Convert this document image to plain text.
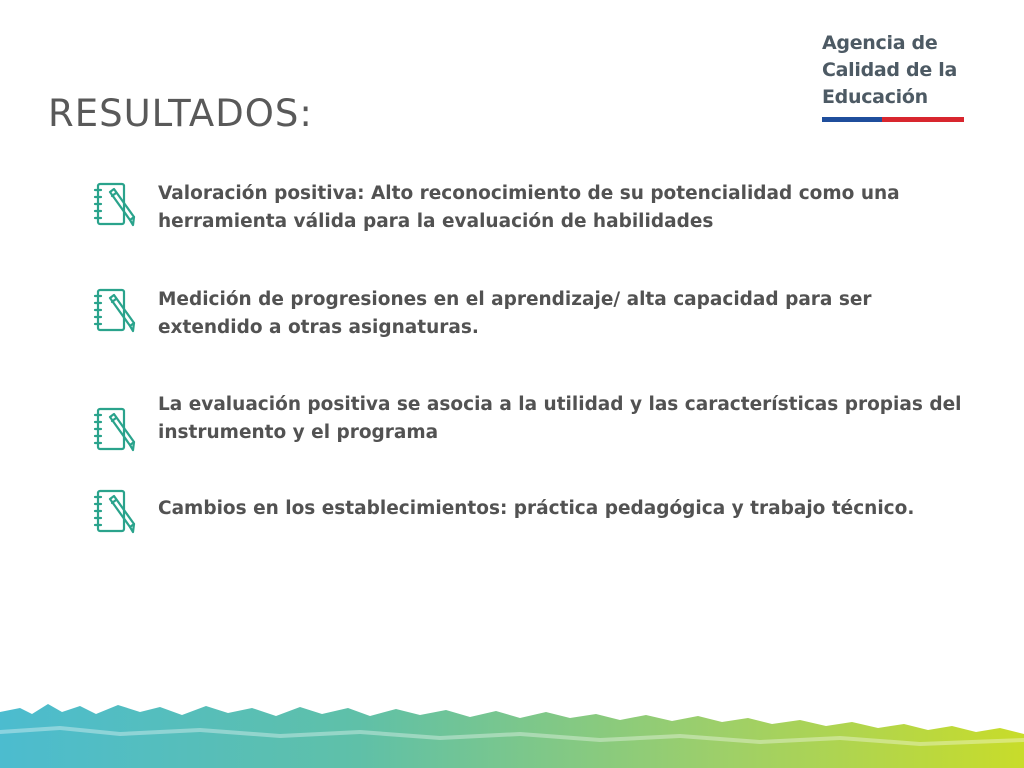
RESULTADOS:
Agencia de
Calidad de la
Educación
Valoración positiva: Alto reconocimiento de su potencialidad como una herramienta válida para la evaluación de habilidades
Medición de progresiones en el aprendizaje/ alta capacidad para ser extendido a otras asignaturas.
La evaluación positiva se asocia a la utilidad y las características propias del instrumento y el programa
Cambios en los establecimientos: práctica pedagógica y trabajo técnico.
